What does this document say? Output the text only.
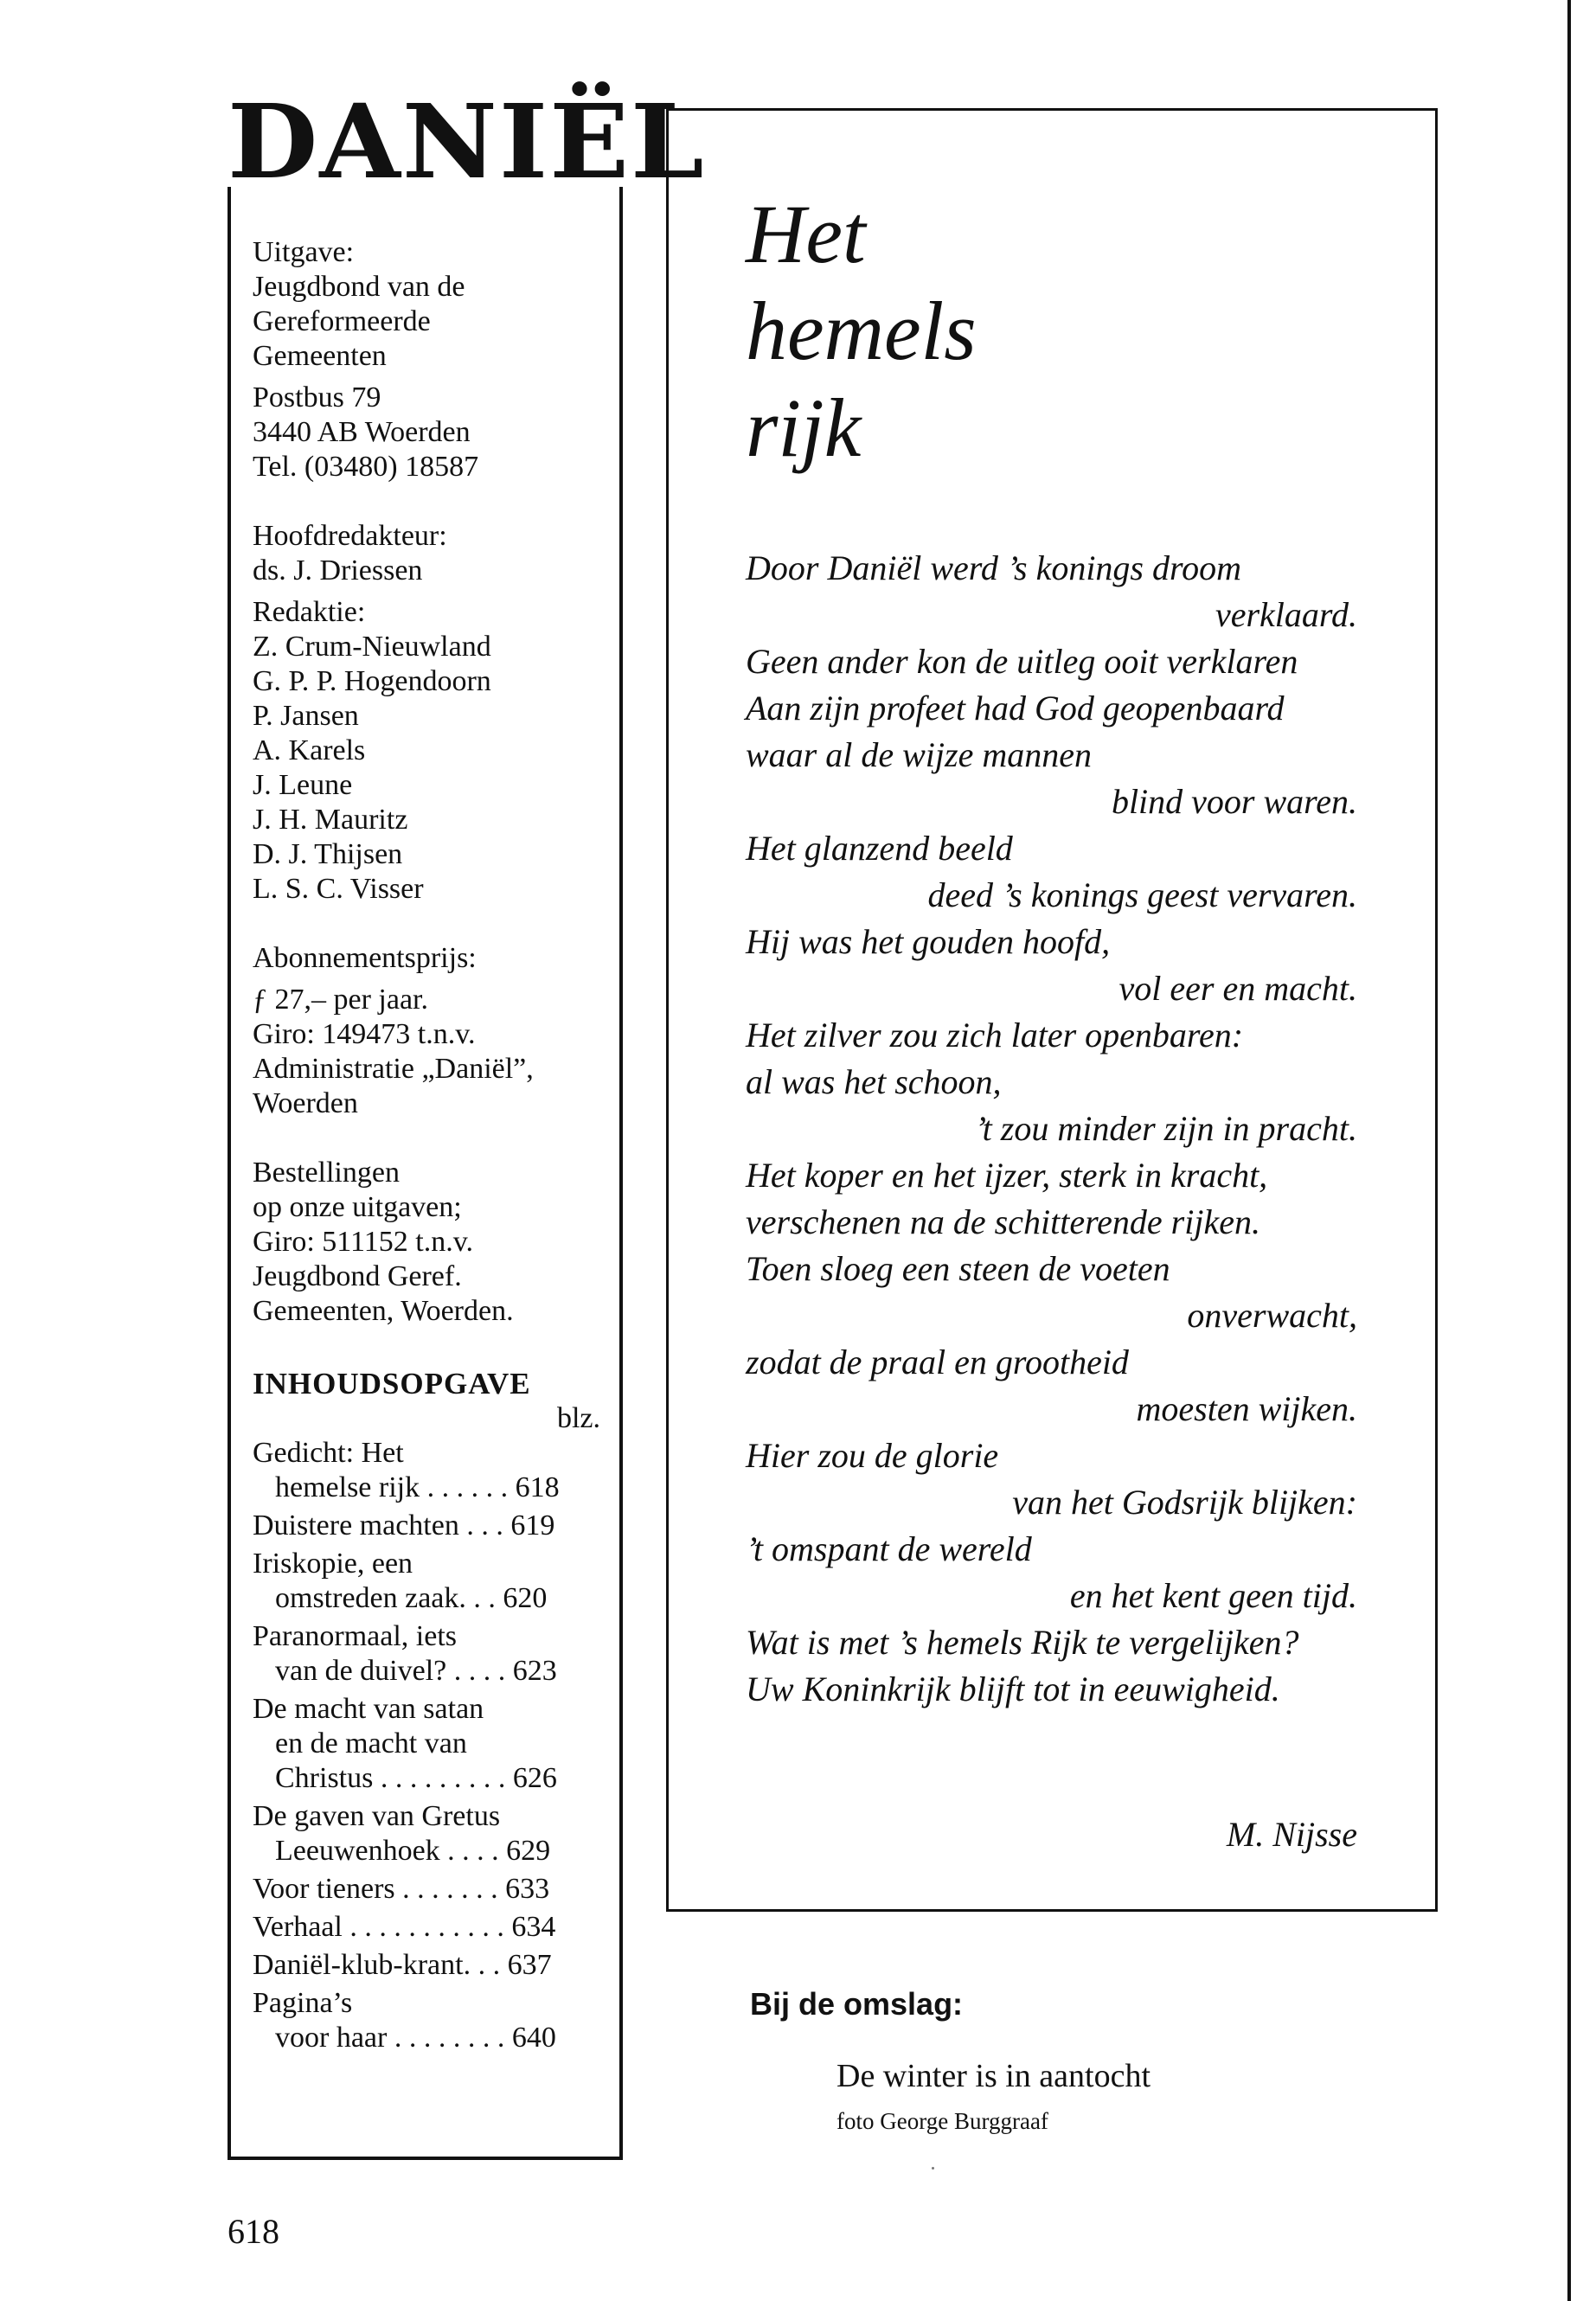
DANIËL
Uitgave:
Jeugdbond van de
Gereformeerde
Gemeenten
Postbus 79
3440 AB Woerden
Tel. (03480) 18587
Hoofdredakteur:
ds. J. Driessen
Redaktie:
Z. Crum-Nieuwland
G. P. P. Hogendoorn
P. Jansen
A. Karels
J. Leune
J. H. Mauritz
D. J. Thijsen
L. S. C. Visser
Abonnementsprijs:
ƒ 27,– per jaar.
Giro: 149473 t.n.v.
Administratie „Daniël”,
Woerden
Bestellingen
op onze uitgaven;
Giro: 511152 t.n.v.
Jeugdbond Geref.
Gemeenten, Woerden.
INHOUDSOPGAVE
blz.
Gedicht: Het
hemelse rijk . . . . . . 618
Duistere machten . . . 619
Iriskopie, een
omstreden zaak. . . 620
Paranormaal, iets
van de duivel? . . . . 623
De macht van satan
en de macht van
Christus . . . . . . . . . 626
De gaven van Gretus
Leeuwenhoek . . . . 629
Voor tieners . . . . . . . 633
Verhaal . . . . . . . . . . . 634
Daniël-klub-krant. . . 637
Pagina’s
voor haar . . . . . . . . 640
Het
hemels
rijk
Door Daniël werd ’s konings droom
verklaard.
Geen ander kon de uitleg ooit verklaren
Aan zijn profeet had God geopenbaard
waar al de wijze mannen
blind voor waren.
Het glanzend beeld
deed ’s konings geest vervaren.
Hij was het gouden hoofd,
vol eer en macht.
Het zilver zou zich later openbaren:
al was het schoon,
’t zou minder zijn in pracht.
Het koper en het ijzer, sterk in kracht,
verschenen na de schitterende rijken.
Toen sloeg een steen de voeten
onverwacht,
zodat de praal en grootheid
moesten wijken.
Hier zou de glorie
van het Godsrijk blijken:
’t omspant de wereld
en het kent geen tijd.
Wat is met ’s hemels Rijk te vergelijken?
Uw Koninkrijk blijft tot in eeuwigheid.
M. Nijsse
Bij de omslag:
De winter is in aantocht
foto George Burggraaf
618
